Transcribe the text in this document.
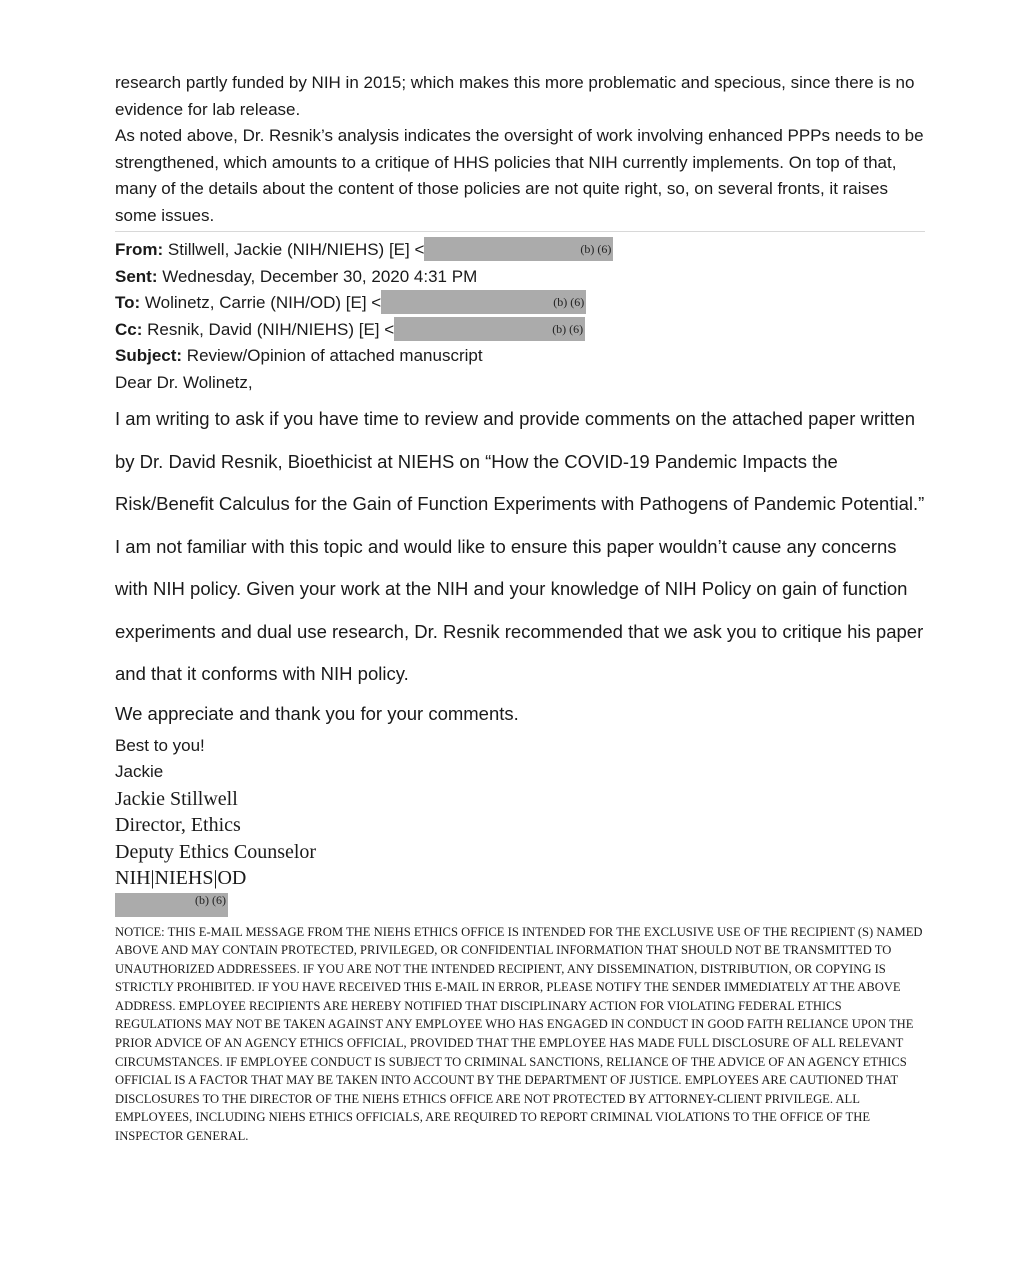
research partly funded by NIH in 2015; which makes this more problematic and specious, since there is no evidence for lab release.

As noted above, Dr. Resnik’s analysis indicates the oversight of work involving enhanced PPPs needs to be strengthened, which amounts to a critique of HHS policies that NIH currently implements. On top of that, many of the details about the content of those policies are not quite right, so, on several fronts, it raises some issues.

From: Stillwell, Jackie (NIH/NIEHS) [E] <	(b) (6)

Sent: Wednesday, December 30, 2020 4:31 PM

To: Wolinetz, Carrie (NIH/OD) [E] <	(b) (6)

Cc: Resnik, David (NIH/NIEHS) [E] <	(b) (6)

Subject: Review/Opinion of attached manuscript

Dear Dr. Wolinetz,

I am writing to ask if you have time to review and provide comments on the attached paper written by Dr. David Resnik, Bioethicist at NIEHS on “How the COVID-19 Pandemic Impacts the Risk/Benefit Calculus for the Gain of Function Experiments with Pathogens of Pandemic Potential.” I am not familiar with this topic and would like to ensure this paper wouldn’t cause any concerns with NIH policy. Given your work at the NIH and your knowledge of NIH Policy on gain of function experiments and dual use research, Dr. Resnik recommended that we ask you to critique his paper and that it conforms with NIH policy.

We appreciate and thank you for your comments.

Best to you!

Jackie

Jackie Stillwell

Director, Ethics

Deputy Ethics Counselor

NIH|NIEHS|OD

(b) (6)

NOTICE: THIS E-MAIL MESSAGE FROM THE NIEHS ETHICS OFFICE IS INTENDED FOR THE EXCLUSIVE USE OF THE RECIPIENT (S) NAMED ABOVE AND MAY CONTAIN PROTECTED, PRIVILEGED, OR CONFIDENTIAL INFORMATION THAT SHOULD NOT BE TRANSMITTED TO UNAUTHORIZED ADDRESSEES. IF YOU ARE NOT THE INTENDED RECIPIENT, ANY DISSEMINATION, DISTRIBUTION, OR COPYING IS STRICTLY PROHIBITED. IF YOU HAVE RECEIVED THIS E-MAIL IN ERROR, PLEASE NOTIFY THE SENDER IMMEDIATELY AT THE ABOVE ADDRESS. EMPLOYEE RECIPIENTS ARE HEREBY NOTIFIED THAT DISCIPLINARY ACTION FOR VIOLATING FEDERAL ETHICS REGULATIONS MAY NOT BE TAKEN AGAINST ANY EMPLOYEE WHO HAS ENGAGED IN CONDUCT IN GOOD FAITH RELIANCE UPON THE PRIOR ADVICE OF AN AGENCY ETHICS OFFICIAL, PROVIDED THAT THE EMPLOYEE HAS MADE FULL DISCLOSURE OF ALL RELEVANT CIRCUMSTANCES. IF EMPLOYEE CONDUCT IS SUBJECT TO CRIMINAL SANCTIONS, RELIANCE OF THE ADVICE OF AN AGENCY ETHICS OFFICIAL IS A FACTOR THAT MAY BE TAKEN INTO ACCOUNT BY THE DEPARTMENT OF JUSTICE. EMPLOYEES ARE CAUTIONED THAT DISCLOSURES TO THE DIRECTOR OF THE NIEHS ETHICS OFFICE ARE NOT PROTECTED BY ATTORNEY-CLIENT PRIVILEGE. ALL EMPLOYEES, INCLUDING NIEHS ETHICS OFFICIALS, ARE REQUIRED TO REPORT CRIMINAL VIOLATIONS TO THE OFFICE OF THE INSPECTOR GENERAL.
